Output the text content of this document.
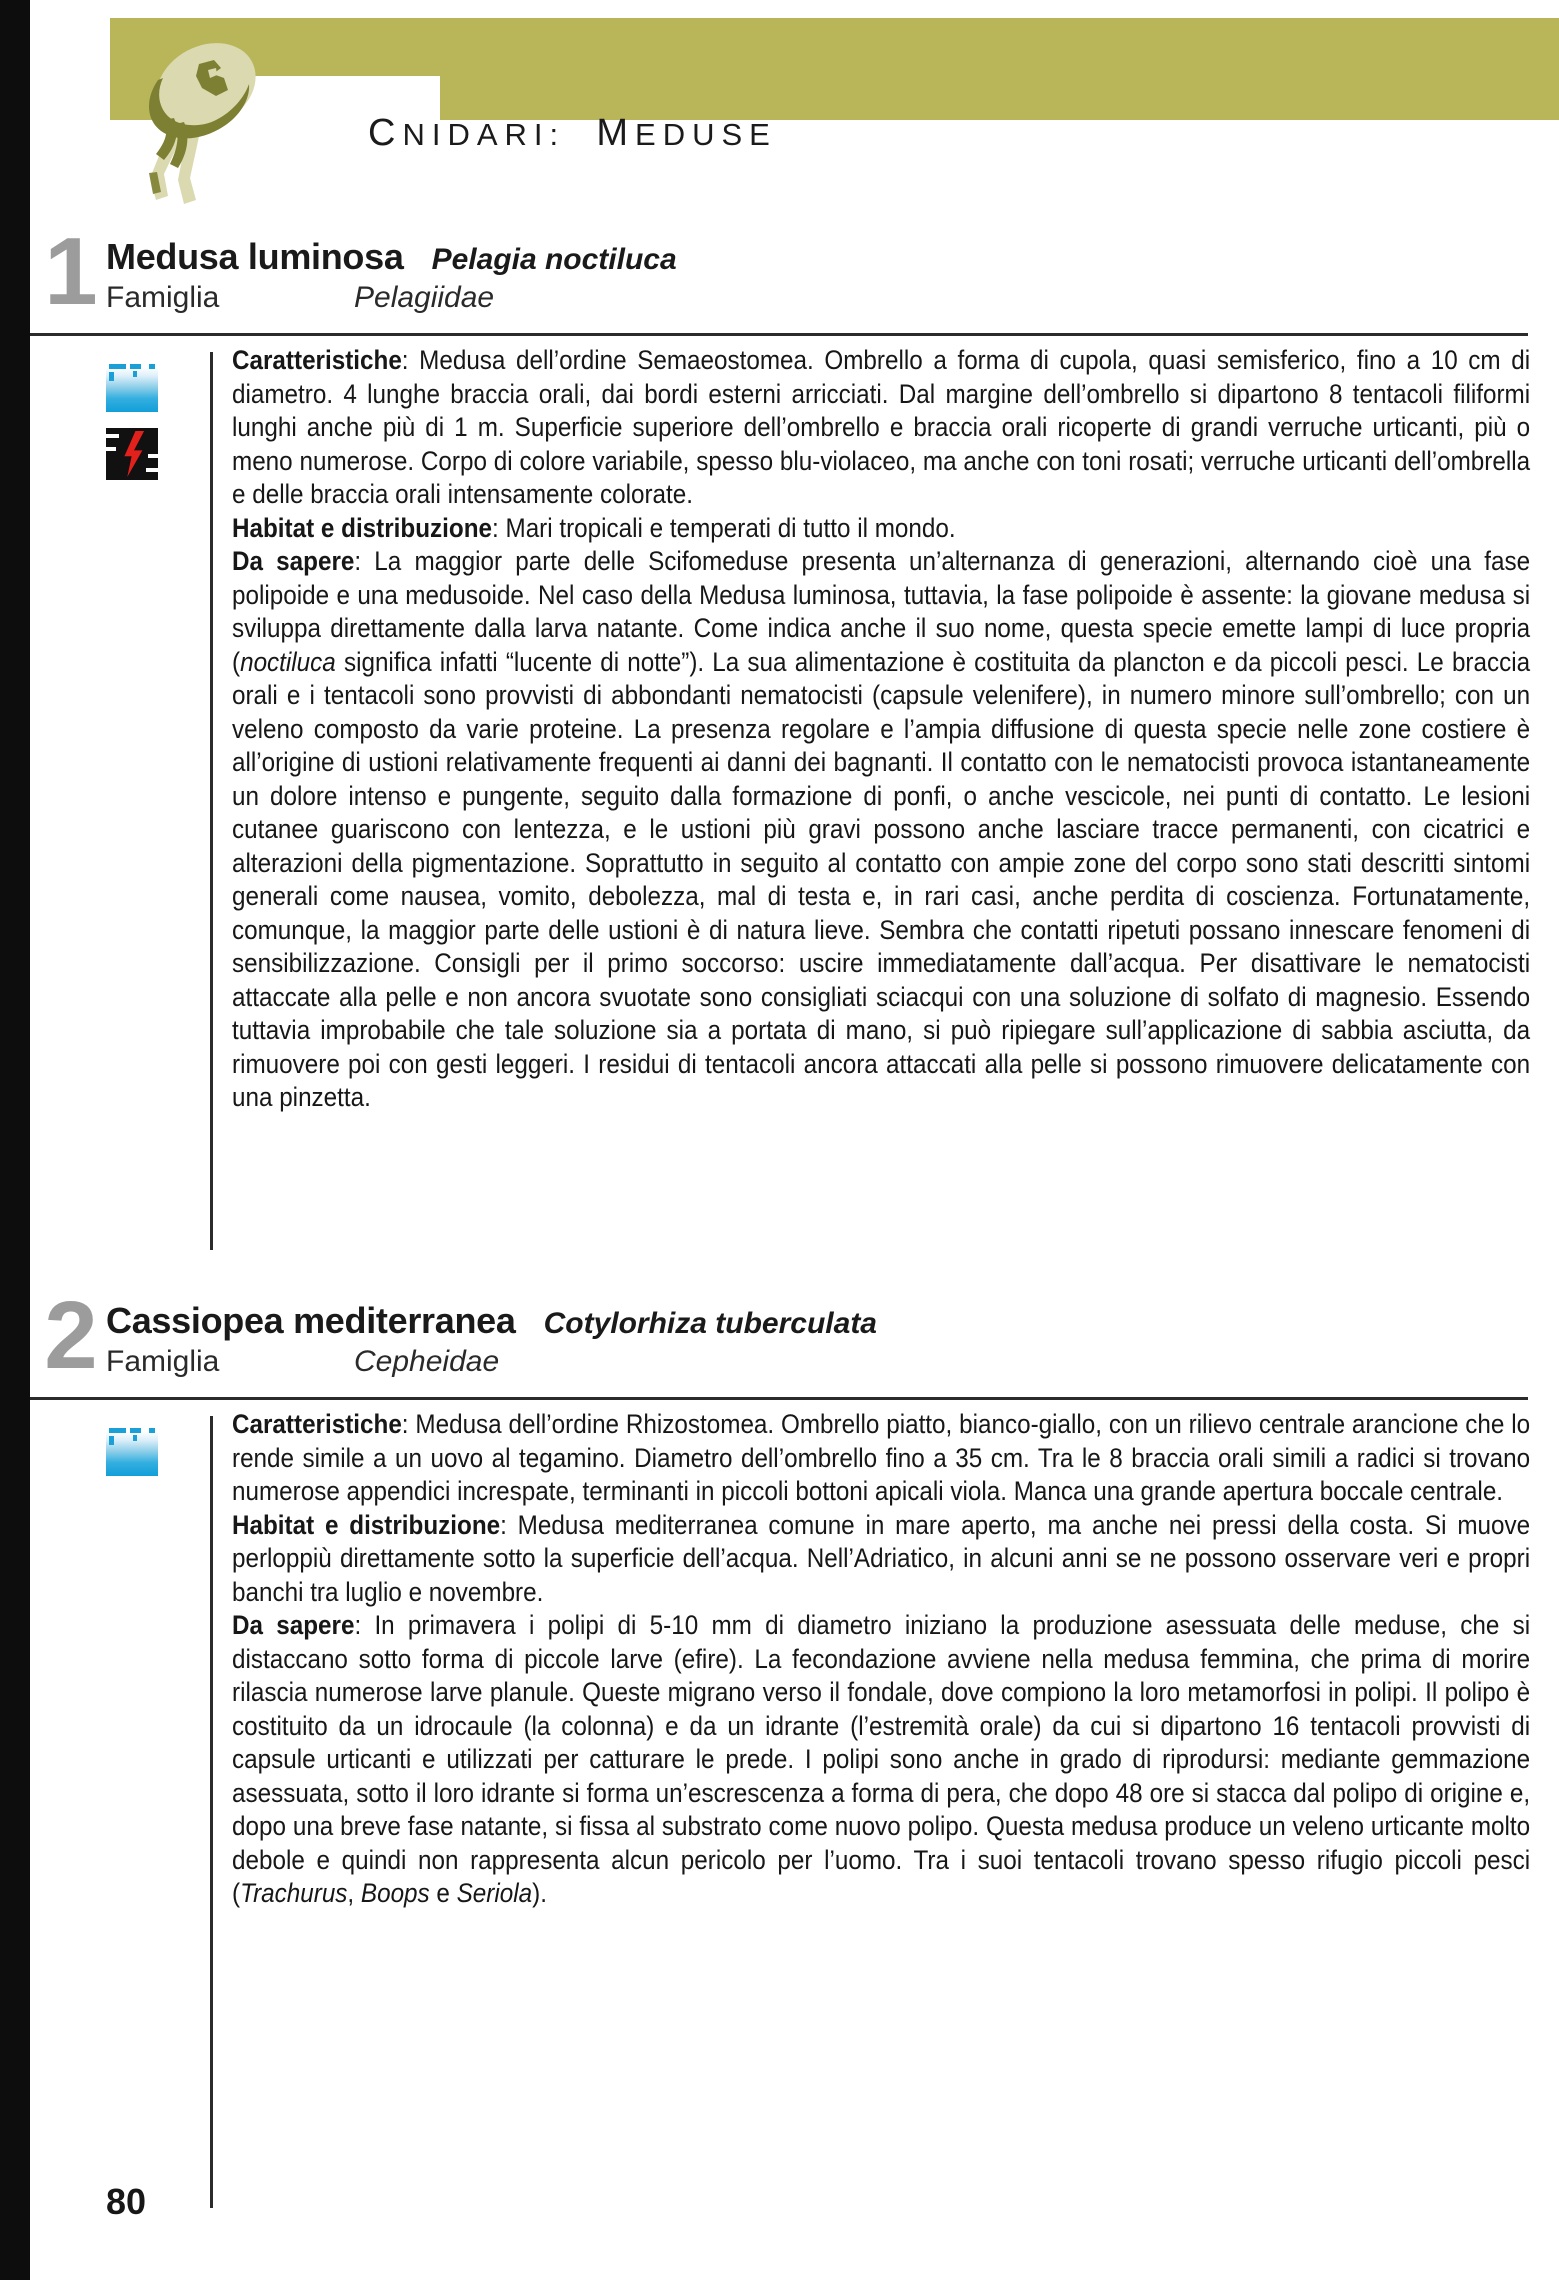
CNIDARI: MEDUSE
1 Medusa luminosa Pelagia noctiluca
Famiglia	Pelagiidae

Caratteristiche: Medusa dell’ordine Semaeostomea. Ombrello a forma di cupola, quasi semisferico, fino a 10 cm di diametro. 4 lunghe braccia orali, dai bordi esterni arricciati. Dal margine dell’ombrello si dipartono 8 tentacoli filiformi lunghi anche più di 1 m. Superficie superiore dell’ombrello e braccia orali ricoperte di grandi verruche urticanti, più o meno numerose. Corpo di colore variabile, spesso blu-violaceo, ma anche con toni rosati; verruche urticanti dell’ombrella e delle braccia orali intensamente colorate.

Habitat e distribuzione: Mari tropicali e temperati di tutto il mondo.

Da sapere: La maggior parte delle Scifomeduse presenta un’alternanza di generazioni, alternando cioè una fase polipoide e una medusoide. Nel caso della Medusa luminosa, tuttavia, la fase polipoide è assente: la giovane medusa si sviluppa direttamente dalla larva natante. Come indica anche il suo nome, questa specie emette lampi di luce propria (noctiluca significa infatti “lucente di notte”). La sua alimentazione è costituita da plancton e da piccoli pesci. Le braccia orali e i tentacoli sono provvisti di abbondanti nematocisti (capsule velenifere), in numero minore sull’ombrello; con un veleno composto da varie proteine. La presenza regolare e l’ampia diffusione di questa specie nelle zone costiere è all’origine di ustioni relativamente frequenti ai danni dei bagnanti. Il contatto con le nematocisti provoca istantaneamente un dolore intenso e pungente, seguito dalla formazione di ponfi, o anche vescicole, nei punti di contatto. Le lesioni cutanee guariscono con lentezza, e le ustioni più gravi possono anche lasciare tracce permanenti, con cicatrici e alterazioni della pigmentazione. Soprattutto in seguito al contatto con ampie zone del corpo sono stati descritti sintomi generali come nausea, vomito, debolezza, mal di testa e, in rari casi, anche perdita di coscienza. Fortunatamente, comunque, la maggior parte delle ustioni è di natura lieve. Sembra che contatti ripetuti possano innescare fenomeni di sensibilizzazione. Consigli per il primo soccorso: uscire immediatamente dall’acqua. Per disattivare le nematocisti attaccate alla pelle e non ancora svuotate sono consigliati sciacqui con una soluzione di solfato di magnesio. Essendo tuttavia improbabile che tale soluzione sia a portata di mano, si può ripiegare sull’applicazione di sabbia asciutta, da rimuovere poi con gesti leggeri. I residui di tentacoli ancora attaccati alla pelle si possono rimuovere delicatamente con una pinzetta.

2 Cassiopea mediterranea Cotylorhiza tuberculata
Famiglia	Cepheidae

Caratteristiche: Medusa dell’ordine Rhizostomea. Ombrello piatto, bianco-giallo, con un rilievo centrale arancione che lo rende simile a un uovo al tegamino. Diametro dell’ombrello fino a 35 cm. Tra le 8 braccia orali simili a radici si trovano numerose appendici increspate, terminanti in piccoli bottoni apicali viola. Manca una grande apertura boccale centrale.

Habitat e distribuzione: Medusa mediterranea comune in mare aperto, ma anche nei pressi della costa. Si muove perloppiù direttamente sotto la superficie dell’acqua. Nell’Adriatico, in alcuni anni se ne possono osservare veri e propri banchi tra luglio e novembre.

Da sapere: In primavera i polipi di 5-10 mm di diametro iniziano la produzione asessuata delle meduse, che si distaccano sotto forma di piccole larve (efire). La fecondazione avviene nella medusa femmina, che prima di morire rilascia numerose larve planule. Queste migrano verso il fondale, dove compiono la loro metamorfosi in polipi. Il polipo è costituito da un idrocaule (la colonna) e da un idrante (l’estremità orale) da cui si dipartono 16 tentacoli provvisti di capsule urticanti e utilizzati per catturare le prede. I polipi sono anche in grado di riprodursi: mediante gemmazione asessuata, sotto il loro idrante si forma un’escrescenza a forma di pera, che dopo 48 ore si stacca dal polipo di origine e, dopo una breve fase natante, si fissa al substrato come nuovo polipo. Questa medusa produce un veleno urticante molto debole e quindi non rappresenta alcun pericolo per l’uomo. Tra i suoi tentacoli trovano spesso rifugio piccoli pesci (Trachurus, Boops e Seriola).

80
